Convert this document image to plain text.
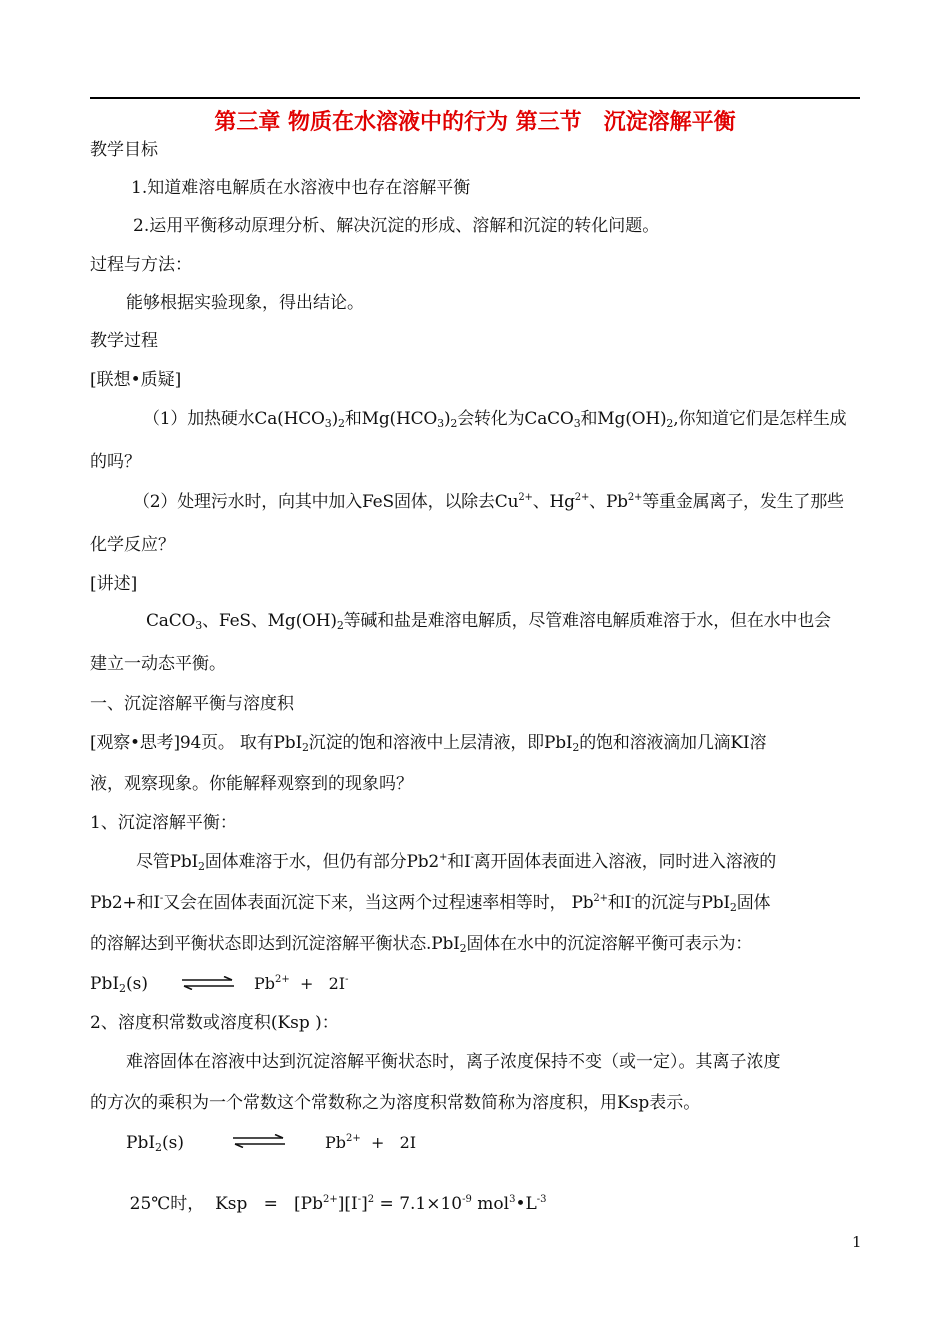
第三章 物质在水溶液中的行为 第三节　沉淀溶解平衡
教学目标
1.知道难溶电解质在水溶液中也存在溶解平衡
2.运用平衡移动原理分析、解决沉淀的形成、溶解和沉淀的转化问题。
过程与方法：
能够根据实验现象，得出结论。
教学过程
[联想•质疑]
（1）加热硬水$Ca(HCO_3)_2$和$Mg(HCO_3)_2$会转化为CaCO$_3$和$Mg(OH)_2$,你知道它们是怎样生成
的吗？
（2）处理污水时，向其中加入FeS固体，以除去$Cu^{2+}$、$Hg^{2+}$、$Pb^{2+}$等重金属离子，发生了那些
化学反应？
[讲述]
CaCO$_3$、FeS、$Mg(OH)_2$等碱和盐是难溶电解质，尽管难溶电解质难溶于水，但在水中也会
建立一动态平衡。
一、沉淀溶解平衡与溶度积
[观察•思考]94页。 取有PbI$_2$沉淀的饱和溶液中上层清液，即PbI$_2$的饱和溶液滴加几滴KI溶
液，观察现象。你能解释观察到的现象吗？
1、沉淀溶解平衡：
尽管PbI$_2$固体难溶于水，但仍有部分Pb2+和I-离开固体表面进入溶液，同时进入溶液的
Pb2+和I-又会在固体表面沉淀下来，当这两个过程速率相等时， $Pb^{2+}$和I-的沉淀与PbI$_2$固体
的溶解达到平衡状态即达到沉淀溶解平衡状态.PbI$_2$固体在水中的沉淀溶解平衡可表示为：
PbI$_2$(s) ⇌ $Pb^{2+} + 2I^-$
2、溶度积常数或溶度积(Ksp )：
难溶固体在溶液中达到沉淀溶解平衡状态时，离子浓度保持不变（或一定）。其离子浓度
的方次的乘积为一个常数这个常数称之为溶度积常数简称为溶度积，用Ksp表示。
PbI$_2$(s)	$Pb^{2+} + 2I$

25℃时，  Ksp   =   $[Pb^{2+}][I^-]^2 = 7.1\times 10^{-9}$ $mol^3•L^{-3}$

1
